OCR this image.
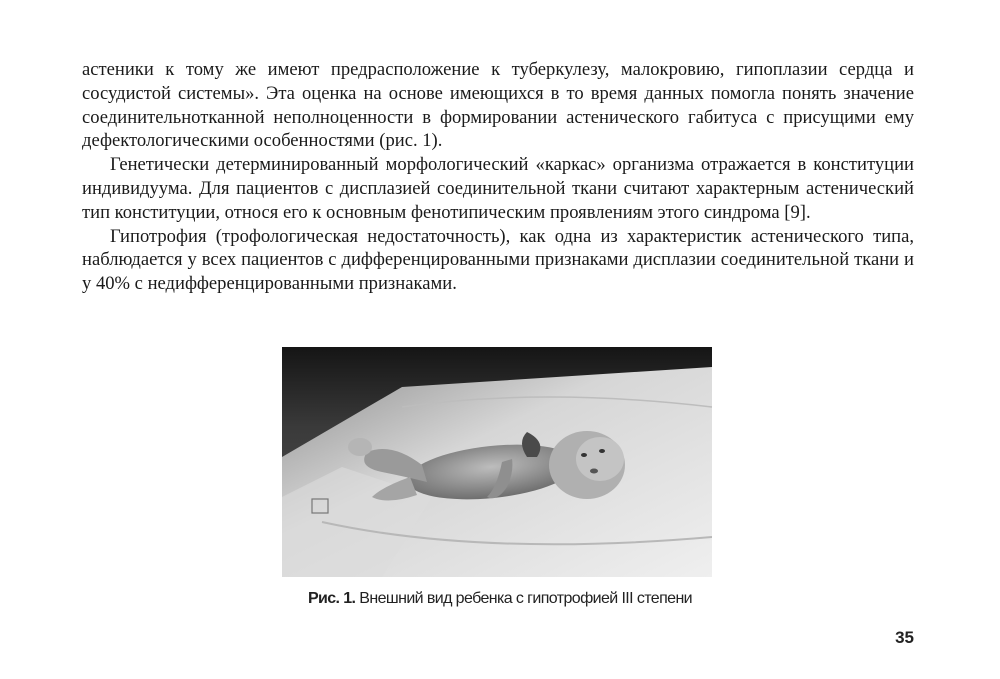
астеники к тому же имеют предрасположение к туберкулезу, малокровию, гипоплазии сердца и сосудистой системы». Эта оценка на основе имеющихся в то время данных помогла понять значение соединительнотканной неполноценности в формировании астенического габитуса с присущими ему дефектологическими особенностями (рис. 1).

Генетически детерминированный морфологический «каркас» организма отражается в конституции индивидуума. Для пациентов с дисплазией соединительной ткани считают характерным астенический тип конституции, относя его к основным фенотипическим проявлениям этого синдрома [9].

Гипотрофия (трофологическая недостаточность), как одна из характеристик астенического типа, наблюдается у всех пациентов с дифференцированными признаками дисплазии соединительной ткани и у 40% с недифференцированными признаками.

Рис. 1. Внешний вид ребенка с гипотрофией III степени
35
